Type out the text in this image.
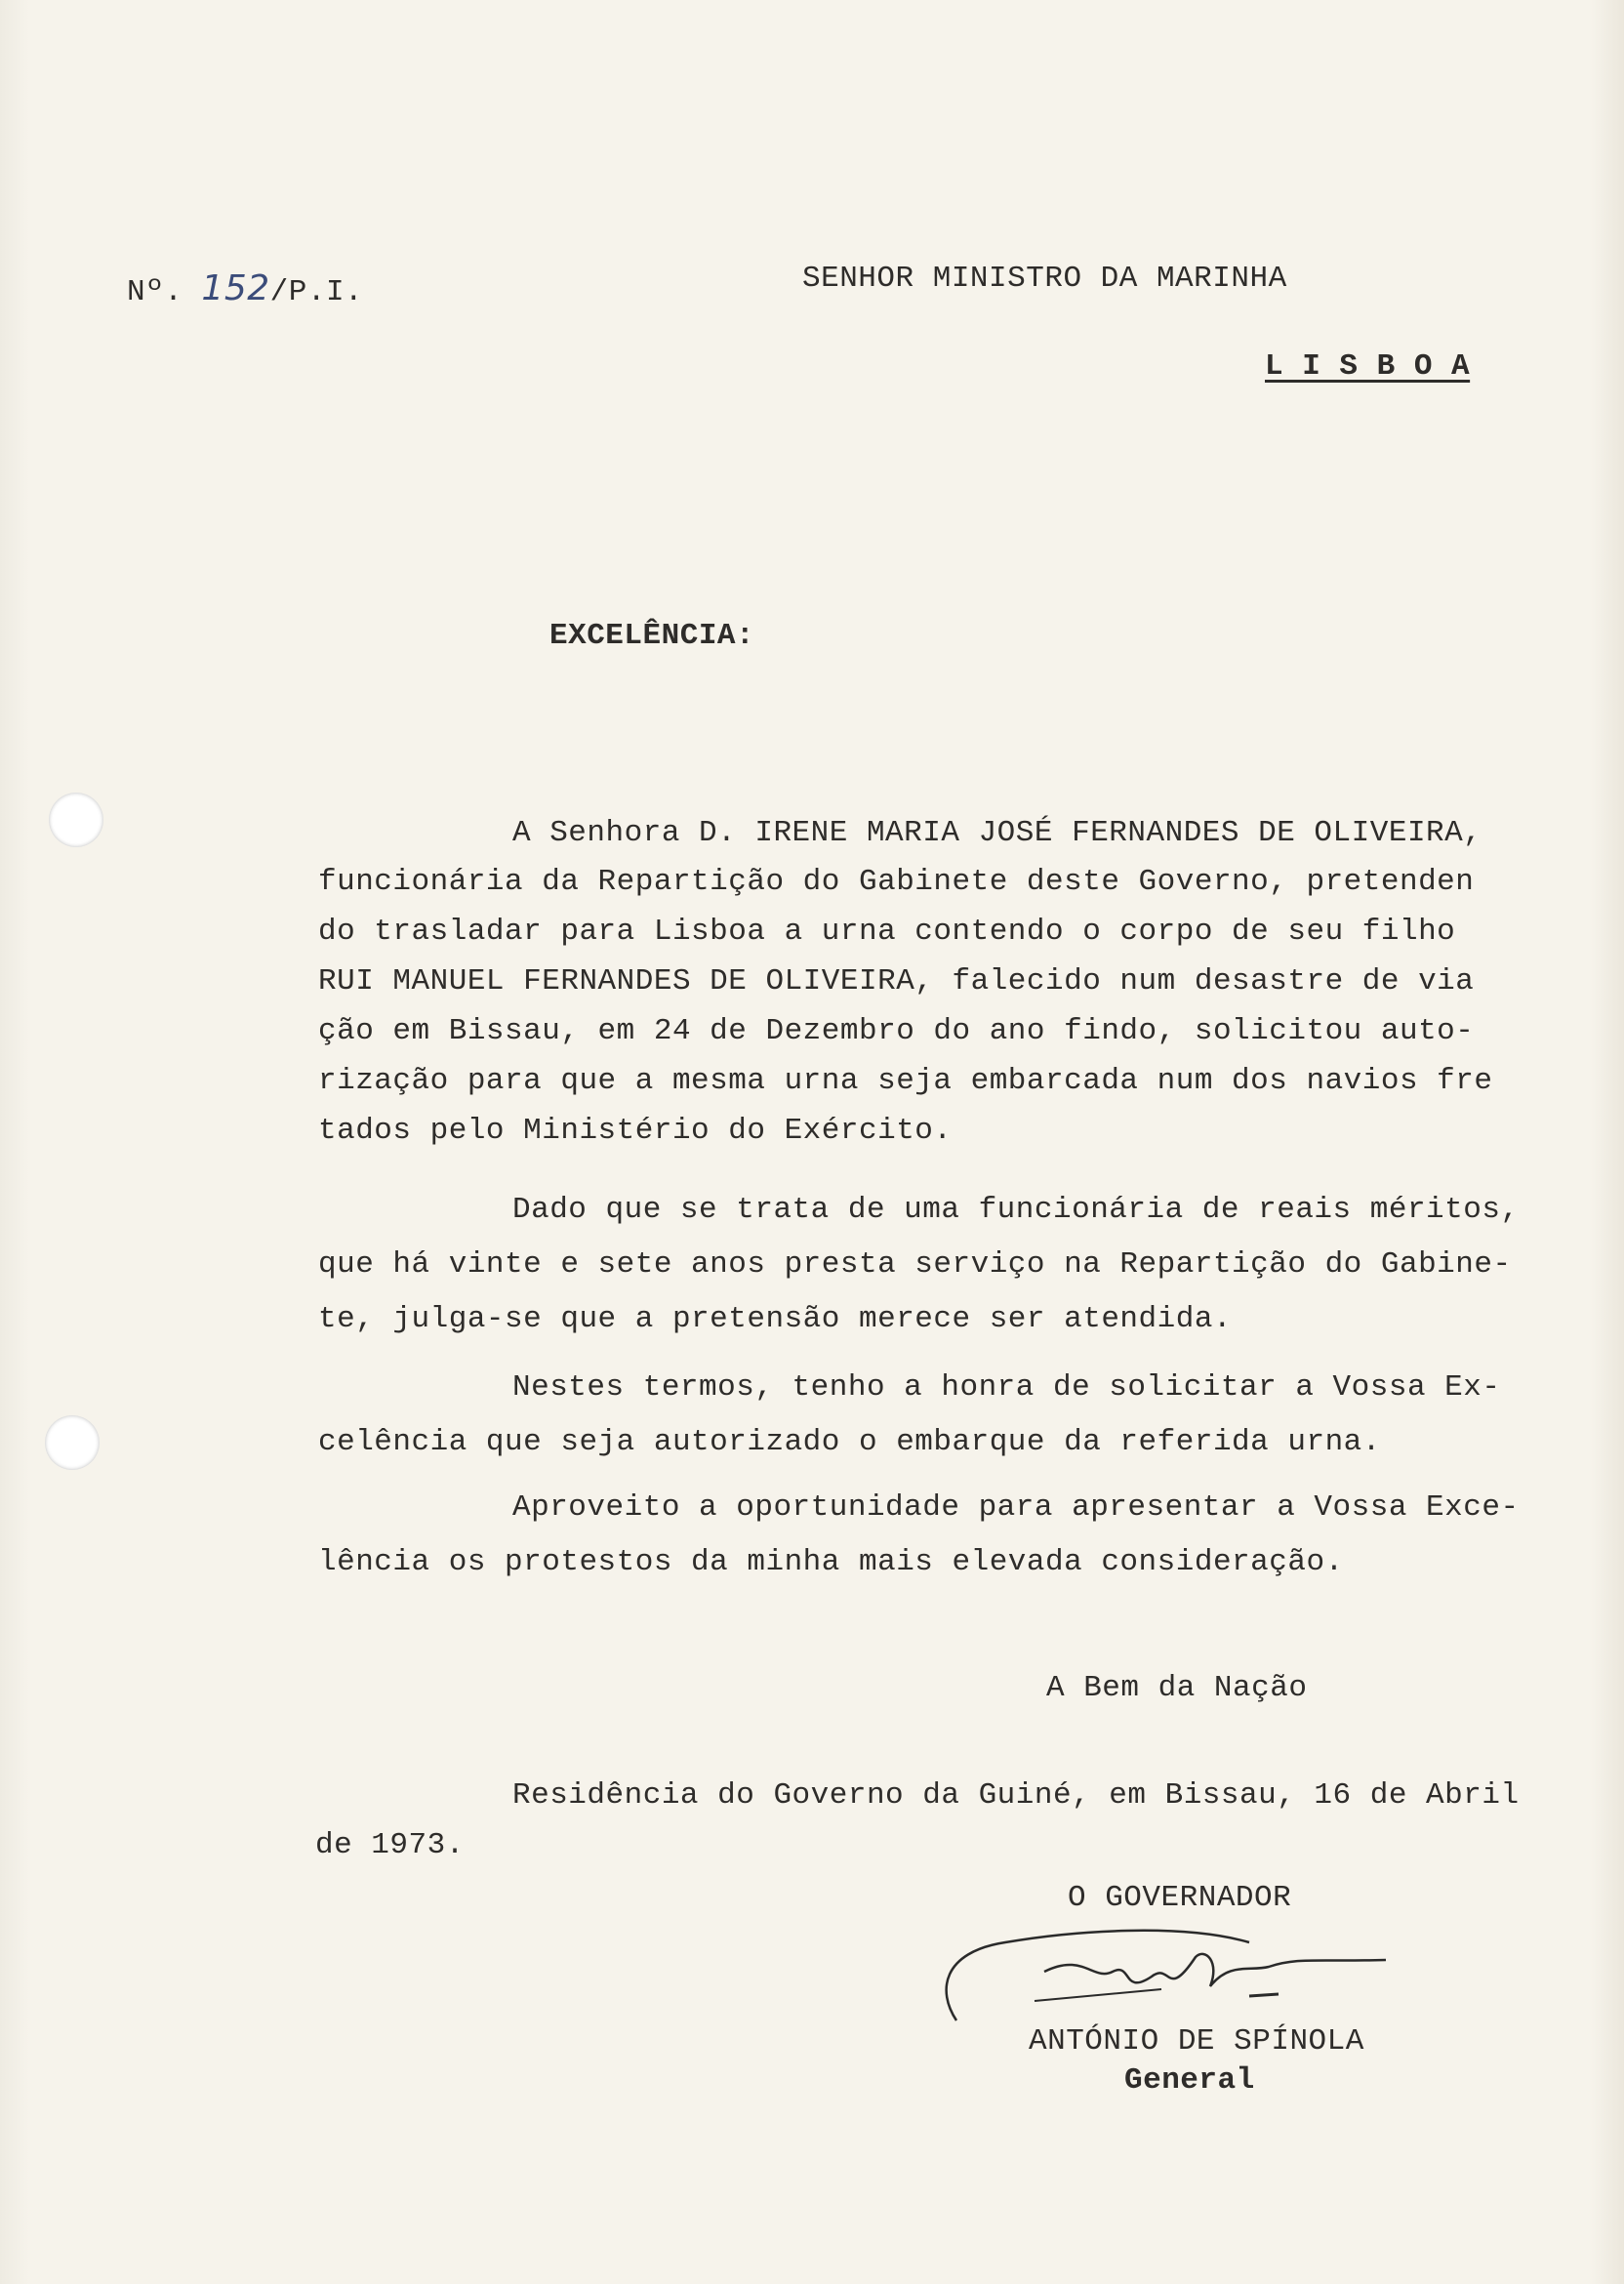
Nº. 152/P.I.	SENHOR MINISTRO DA MARINHA
L I S B O A
EXCELÊNCIA:
A Senhora D. IRENE MARIA JOSÉ FERNANDES DE OLIVEIRA,
funcionária da Repartição do Gabinete deste Governo, pretenden
do trasladar para Lisboa a urna contendo o corpo de seu filho
RUI MANUEL FERNANDES DE OLIVEIRA, falecido num desastre de via
ção em Bissau, em 24 de Dezembro do ano findo, solicitou auto-
rização para que a mesma urna seja embarcada num dos navios fre
tados pelo Ministério do Exército.
Dado que se trata de uma funcionária de reais méritos,
que há vinte e sete anos presta serviço na Repartição do Gabine-
te, julga-se que a pretensão merece ser atendida.
Nestes termos, tenho a honra de solicitar a Vossa Ex-
celência que seja autorizado o embarque da referida urna.
Aproveito a oportunidade para apresentar a Vossa Exce-
lência os protestos da minha mais elevada consideração.
A Bem da Nação
Residência do Governo da Guiné, em Bissau, 16 de Abril
de 1973.
O GOVERNADOR
ANTÓNIO DE SPÍNOLA
General
